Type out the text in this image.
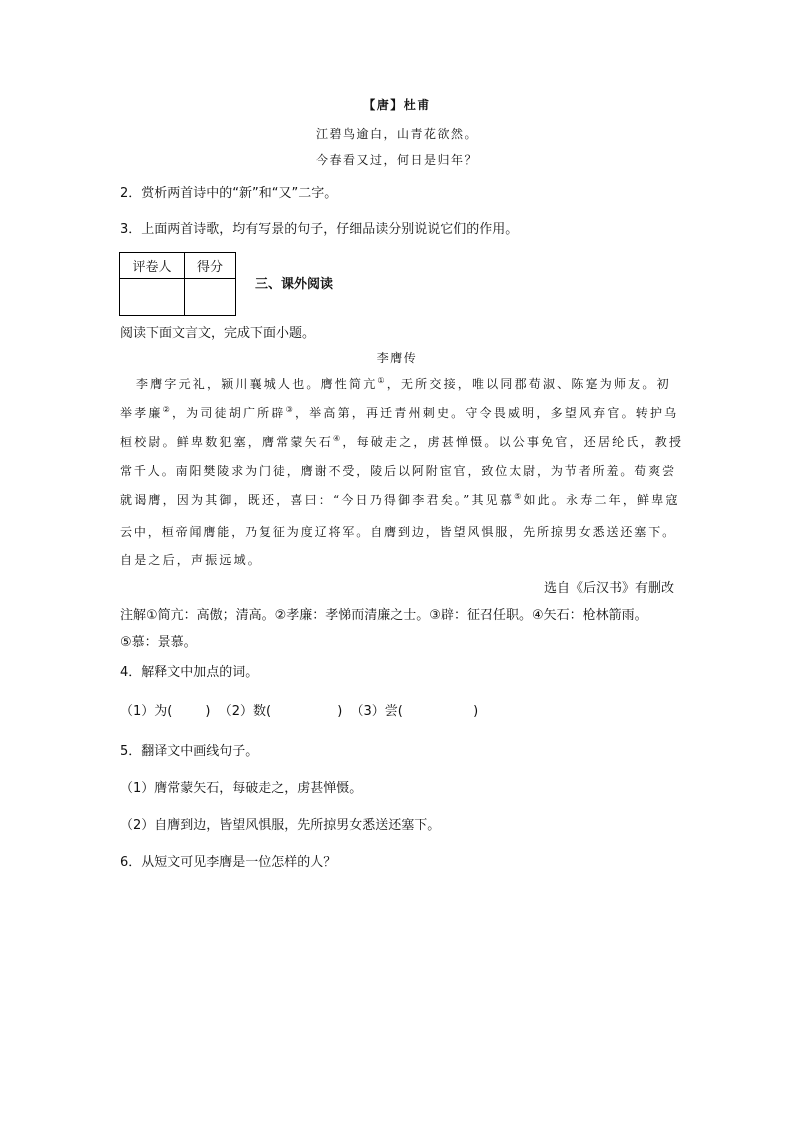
【唐】杜甫
江碧鸟逾白，山青花欲然。
今春看又过，何日是归年？
2．赏析两首诗中的“新”和“又”二字。
3．上面两首诗歌，均有写景的句子，仔细品读分别说说它们的作用。
评卷人	得分

三、课外阅读
阅读下面文言文，完成下面小题。
李膺传
李膺字元礼，颍川襄城人也。膺性简亢①，无所交接，唯以同郡荀淑、陈寔为师友。初
举孝廉②，为司徒胡广所辟③，举高第，再迁青州刺史。守令畏威明，多望风弃官。转护乌
桓校尉。鲜卑数犯塞，膺常蒙矢石④，每破走之，虏甚惮慑。以公事免官，还居纶氏，教授
常千人。南阳樊陵求为门徒，膺谢不受，陵后以阿附宦官，致位太尉，为节者所羞。荀爽尝
就谒膺，因为其御，既还，喜曰：“今日乃得御李君矣。”其见慕⑤如此。永寿二年，鲜卑寇
云中，桓帝闻膺能，乃复征为度辽将军。自膺到边，皆望风惧服，先所掠男女悉送还塞下。
自是之后，声振远域。
选自《后汉书》有删改
注解①简亢：高傲；清高。②孝廉：孝悌而清廉之士。③辟：征召任职。④矢石：枪林箭雨。
⑤慕：景慕。
4．解释文中加点的词。
（1）为(        )  （2）数(                )  （3）尝(                 )
5．翻译文中画线句子。
（1）膺常蒙矢石，每破走之，虏甚惮慑。
（2）自膺到边，皆望风惧服，先所掠男女悉送还塞下。
6．从短文可见李膺是一位怎样的人？
